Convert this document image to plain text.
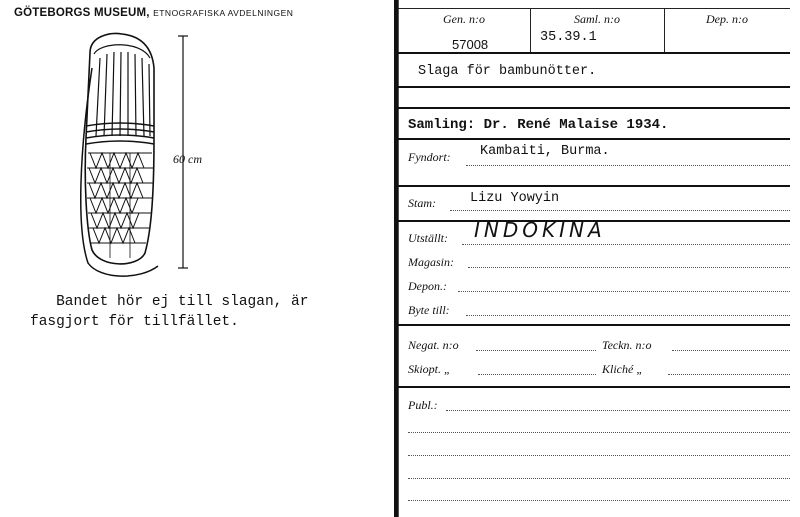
GÖTEBORGS MUSEUM, ETNOGRAFISKA AVDELNINGEN
60 cm
Bandet hör ej till slagan, är
fasgjort för tillfället.
Gen. n:o	Saml. n:o	Dep. n:o
57008	35.39.1
Slaga för bambunötter.
Samling: Dr. René Malaise 1934.
Fyndort: Kambaiti, Burma.
Stam:	Lizu Yowyin
Utställt: INDOKINA
Magasin:
Depon.:
Byte till:
Negat. n:o	Teckn. n:o
Skiopt. „	Kliché „
Publ.:
